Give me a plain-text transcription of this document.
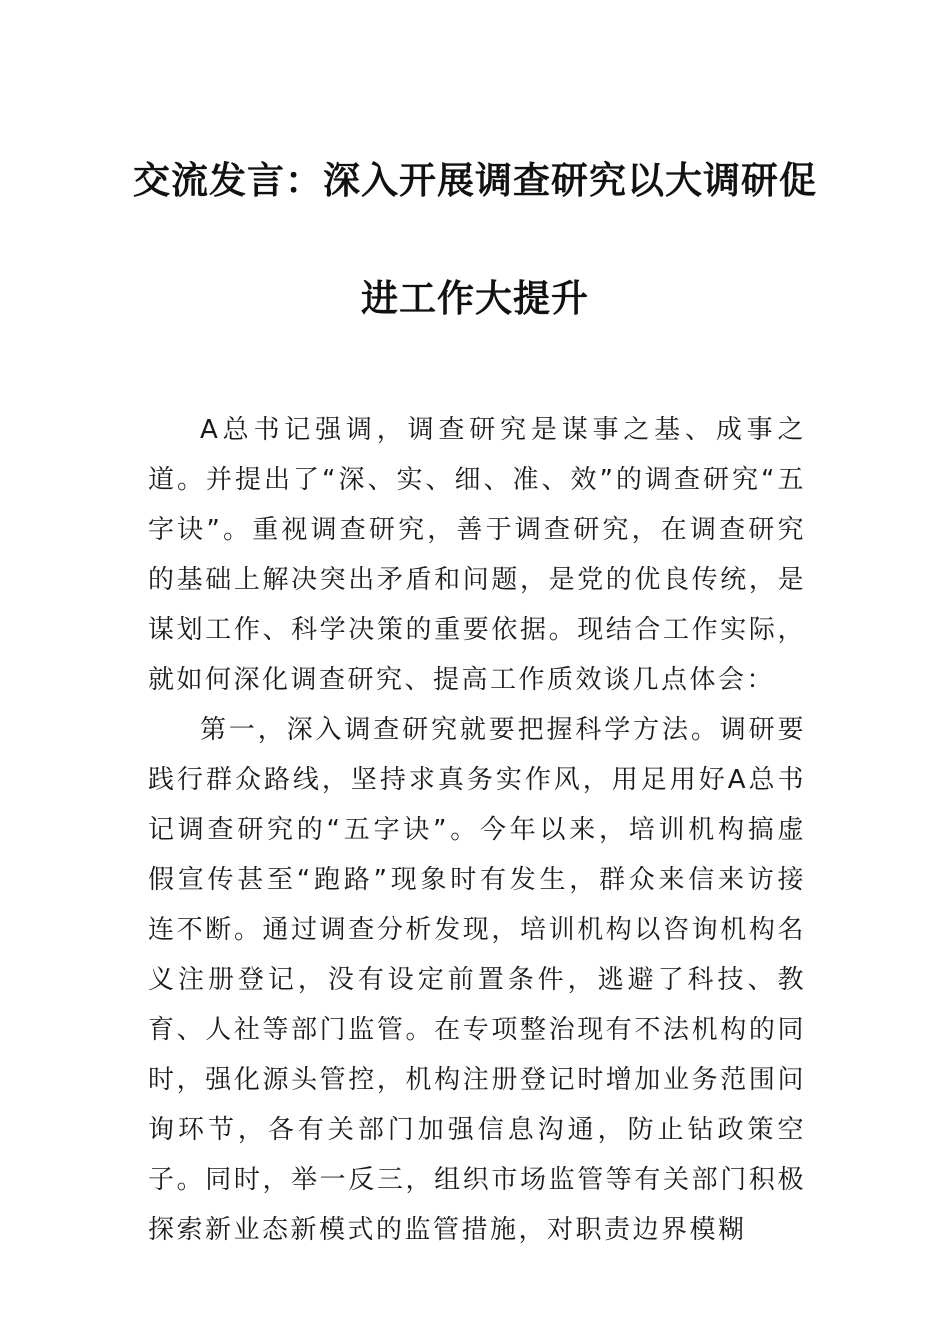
交流发言：深入开展调查研究以大调研促
进工作大提升

A总书记强调，调查研究是谋事之基、成事之道。并提出了“深、实、细、准、效”的调查研究“五字诀”。重视调查研究，善于调查研究，在调查研究的基础上解决突出矛盾和问题，是党的优良传统，是谋划工作、科学决策的重要依据。现结合工作实际，就如何深化调查研究、提高工作质效谈几点体会：

第一，深入调查研究就要把握科学方法。调研要践行群众路线，坚持求真务实作风，用足用好A总书记调查研究的“五字诀”。今年以来，培训机构搞虚假宣传甚至“跑路”现象时有发生，群众来信来访接连不断。通过调查分析发现，培训机构以咨询机构名义注册登记，没有设定前置条件，逃避了科技、教育、人社等部门监管。在专项整治现有不法机构的同时，强化源头管控，机构注册登记时增加业务范围问询环节，各有关部门加强信息沟通，防止钻政策空子。同时，举一反三，组织市场监管等有关部门积极探索新业态新模式的监管措施，对职责边界模糊
